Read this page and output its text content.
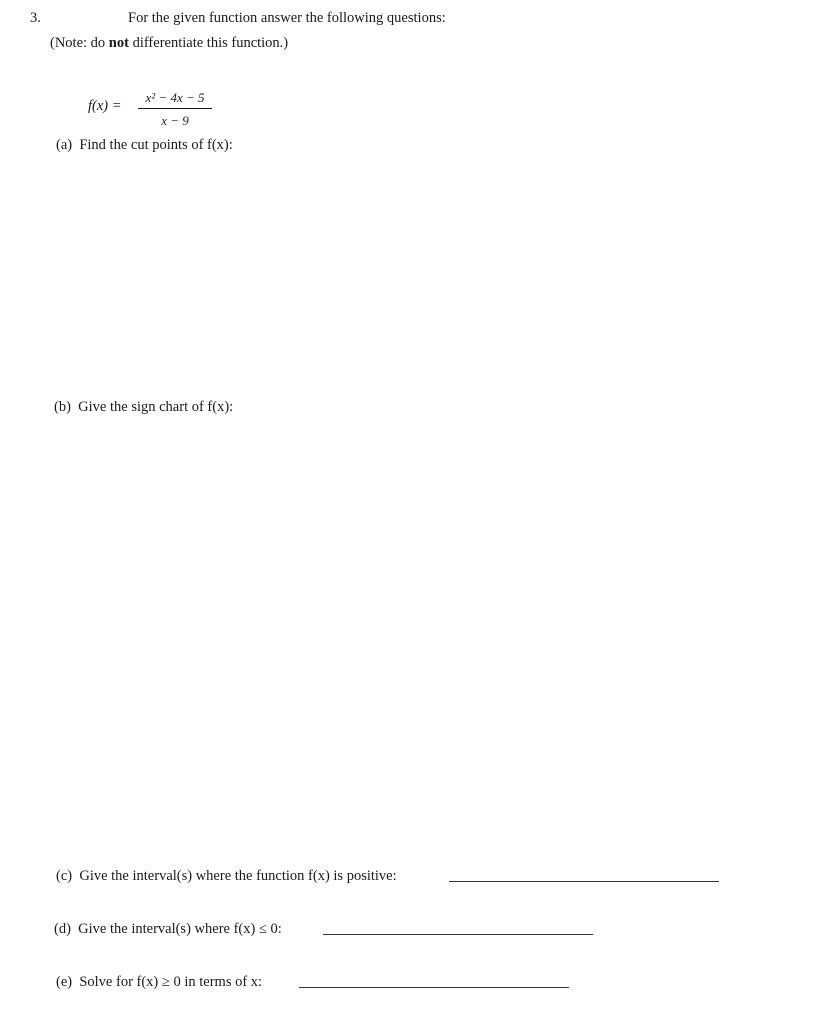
3.	For the given function answer the following questions:
(Note: do not differentiate this function.)
f(x) =
x² − 4x − 5
x − 9
(a) Find the cut points of f(x):
(b) Give the sign chart of f(x):
(c) Give the interval(s) where the function f(x) is positive:
(d) Give the interval(s) where f(x) ≤ 0:
(e) Solve for f(x) ≥ 0 in terms of x:
